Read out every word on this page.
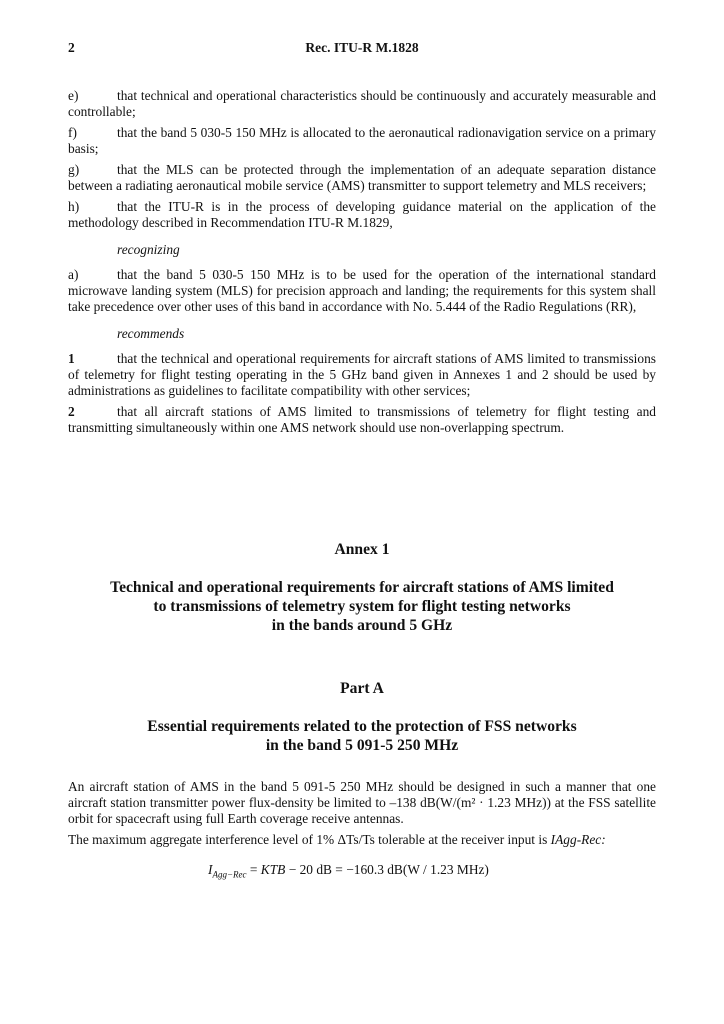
2	Rec. ITU-R M.1828

e)	that technical and operational characteristics should be continuously and accurately measurable and controllable;

f)	that the band 5 030-5 150 MHz is allocated to the aeronautical radionavigation service on a primary basis;

g)	that the MLS can be protected through the implementation of an adequate separation distance between a radiating aeronautical mobile service (AMS) transmitter to support telemetry and MLS receivers;

h)	that the ITU-R is in the process of developing guidance material on the application of the methodology described in Recommendation ITU-R M.1829,

recognizing

a)	that the band 5 030-5 150 MHz is to be used for the operation of the international standard microwave landing system (MLS) for precision approach and landing; the requirements for this system shall take precedence over other uses of this band in accordance with No. 5.444 of the Radio Regulations (RR),

recommends

1	that the technical and operational requirements for aircraft stations of AMS limited to transmissions of telemetry for flight testing operating in the 5 GHz band given in Annexes 1 and 2 should be used by administrations as guidelines to facilitate compatibility with other services;

2	that all aircraft stations of AMS limited to transmissions of telemetry for flight testing and transmitting simultaneously within one AMS network should use non-overlapping spectrum.

Annex 1
Technical and operational requirements for aircraft stations of AMS limited
to transmissions of telemetry system for flight testing networks
in the bands around 5 GHz
Part A
Essential requirements related to the protection of FSS networks
in the band 5 091-5 250 MHz

An aircraft station of AMS in the band 5 091-5 250 MHz should be designed in such a manner that one aircraft station transmitter power flux-density be limited to –138 dB(W/(m² · 1.23 MHz)) at the FSS satellite orbit for spacecraft using full Earth coverage receive antennas.

The maximum aggregate interference level of 1% ΔTs/Ts tolerable at the receiver input is IAgg-Rec:

$I_{Agg-Rec}$ = KTB − 20 dB = −160.3 dB(W / 1.23 MHz)
